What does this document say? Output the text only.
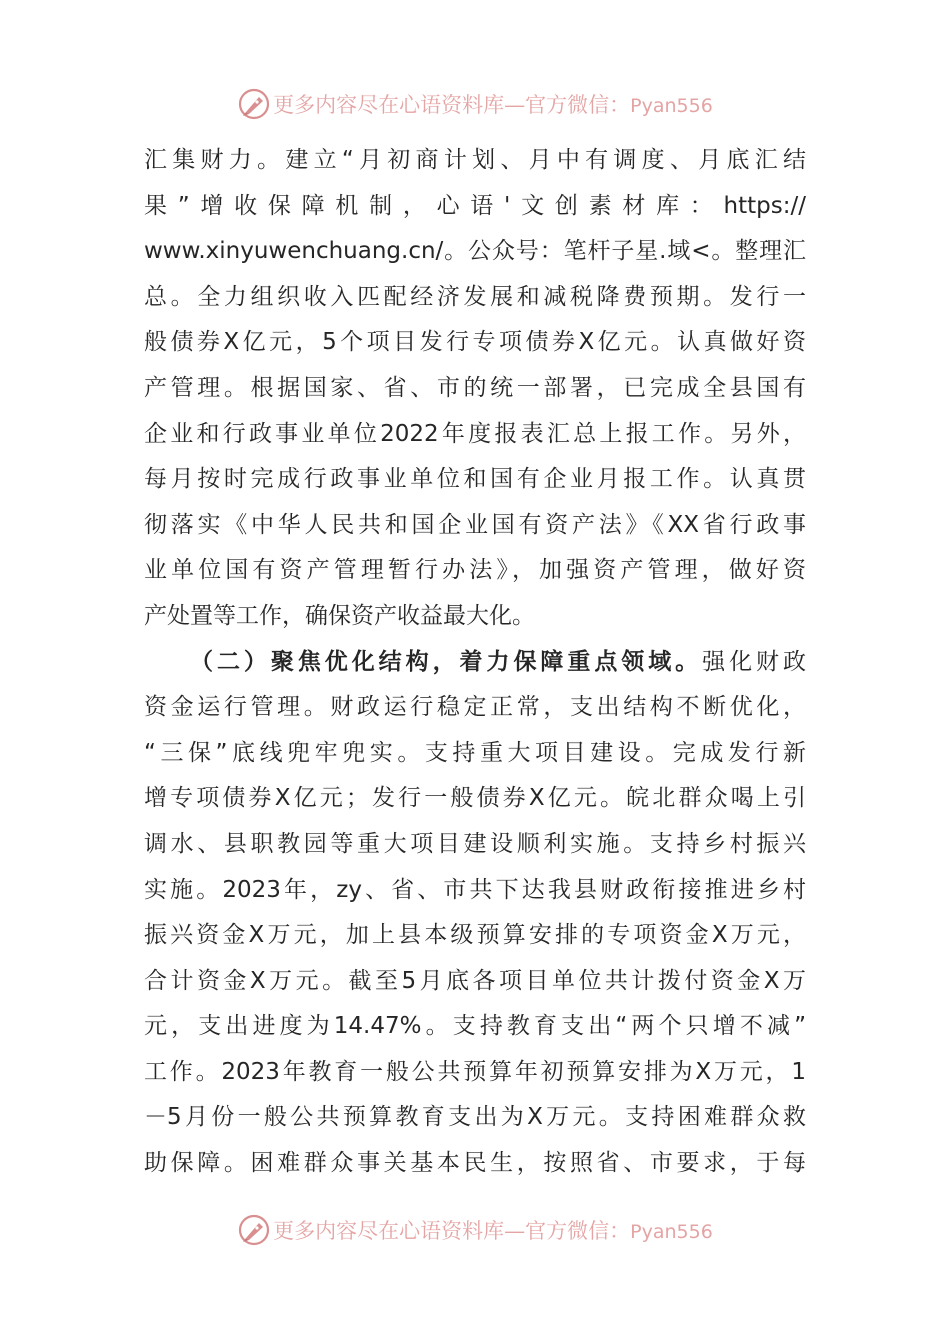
更多内容尽在心语资料库—官方微信：Pyan556
汇集财力。建立“月初商计划、月中有调度、月底汇结
果”增收保障机制，心语'文创素材库：https://
www.xinyuwenchuang.cn/。公众号：笔杆子星.域<。整理汇
总。全力组织收入匹配经济发展和减税降费预期。发行一
般债券X亿元，5个项目发行专项债券X亿元。认真做好资
产管理。根据国家、省、市的统一部署，已完成全县国有
企业和行政事业单位2022年度报表汇总上报工作。另外，
每月按时完成行政事业单位和国有企业月报工作。认真贯
彻落实《中华人民共和国企业国有资产法》《XX省行政事
业单位国有资产管理暂行办法》，加强资产管理，做好资
产处置等工作，确保资产收益最大化。
（二）聚焦优化结构，着力保障重点领域。强化财政
资金运行管理。财政运行稳定正常，支出结构不断优化，
“三保”底线兜牢兜实。支持重大项目建设。完成发行新
增专项债券X亿元；发行一般债券X亿元。皖北群众喝上引
调水、县职教园等重大项目建设顺利实施。支持乡村振兴
实施。2023年，zy、省、市共下达我县财政衔接推进乡村
振兴资金X万元，加上县本级预算安排的专项资金X万元，
合计资金X万元。截至5月底各项目单位共计拨付资金X万
元，支出进度为14.47%。支持教育支出“两个只增不减”
工作。2023年教育一般公共预算年初预算安排为X万元，1
－5月份一般公共预算教育支出为X万元。支持困难群众救
助保障。困难群众事关基本民生，按照省、市要求，于每
更多内容尽在心语资料库—官方微信：Pyan556
